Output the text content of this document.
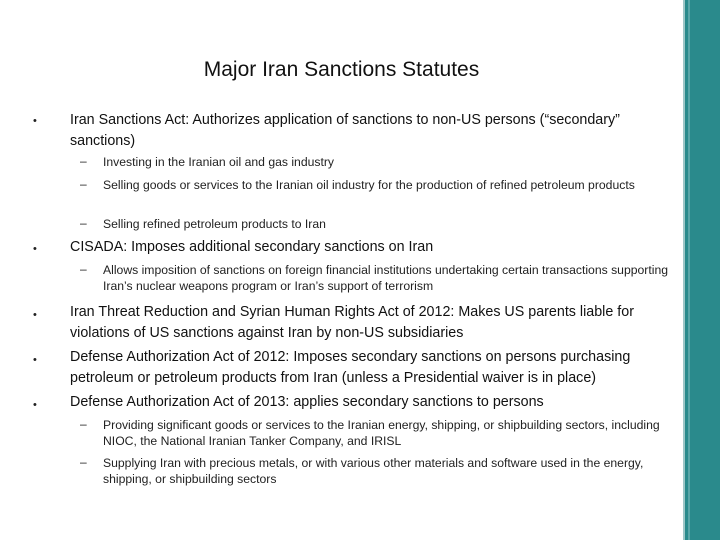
Major Iran Sanctions Statutes
• Iran Sanctions Act: Authorizes application of sanctions to non-US persons (“secondary” sanctions)
– Investing in the Iranian oil and gas industry
– Selling goods or services to the Iranian oil industry for the production of refined petroleum products
– Selling refined petroleum products to Iran
• CISADA: Imposes additional secondary sanctions on Iran
– Allows imposition of sanctions on foreign financial institutions undertaking certain transactions supporting Iran’s nuclear weapons program or Iran’s support of terrorism
• Iran Threat Reduction and Syrian Human Rights Act of 2012: Makes US parents liable for violations of US sanctions against Iran by non-US subsidiaries
• Defense Authorization Act of 2012: Imposes secondary sanctions on persons purchasing petroleum or petroleum products from Iran (unless a Presidential waiver is in place)
• Defense Authorization Act of 2013: applies secondary sanctions to persons
– Providing significant goods or services to the Iranian energy, shipping, or shipbuilding sectors, including NIOC, the National Iranian Tanker Company, and IRISL
– Supplying Iran with precious metals, or with various other materials and software used in the energy, shipping, or shipbuilding sectors
